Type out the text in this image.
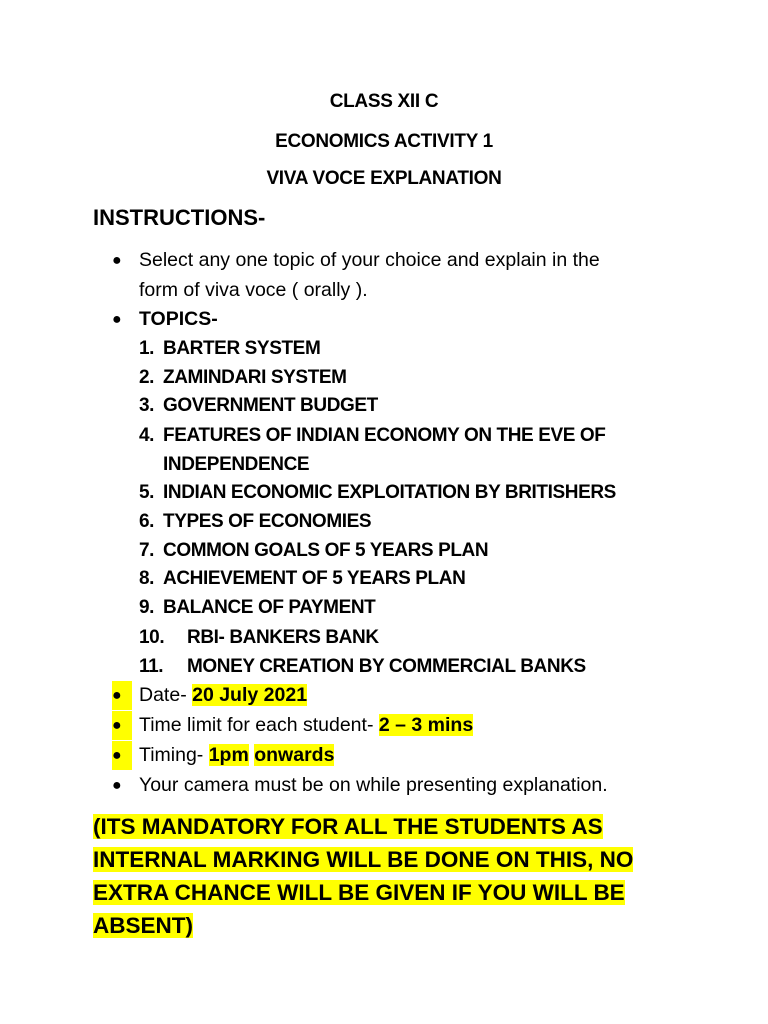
CLASS XII C
ECONOMICS ACTIVITY 1
VIVA VOCE EXPLANATION
INSTRUCTIONS-
● Select any one topic of your choice and explain in the
form of viva voce ( orally ).
● TOPICS-
1. BARTER SYSTEM
2. ZAMINDARI SYSTEM
3. GOVERNMENT BUDGET
4. FEATURES OF INDIAN ECONOMY ON THE EVE OF
INDEPENDENCE
5. INDIAN ECONOMIC EXPLOITATION BY BRITISHERS
6. TYPES OF ECONOMIES
7. COMMON GOALS OF 5 YEARS PLAN
8. ACHIEVEMENT OF 5 YEARS PLAN
9. BALANCE OF PAYMENT
10. RBI- BANKERS BANK
11. MONEY CREATION BY COMMERCIAL BANKS
● Date- 20 July 2021
● Time limit for each student- 2 – 3 mins
● Timing- 1pm onwards
● Your camera must be on while presenting explanation.
(ITS MANDATORY FOR ALL THE STUDENTS AS
INTERNAL MARKING WILL BE DONE ON THIS, NO
EXTRA CHANCE WILL BE GIVEN IF YOU WILL BE
ABSENT)
